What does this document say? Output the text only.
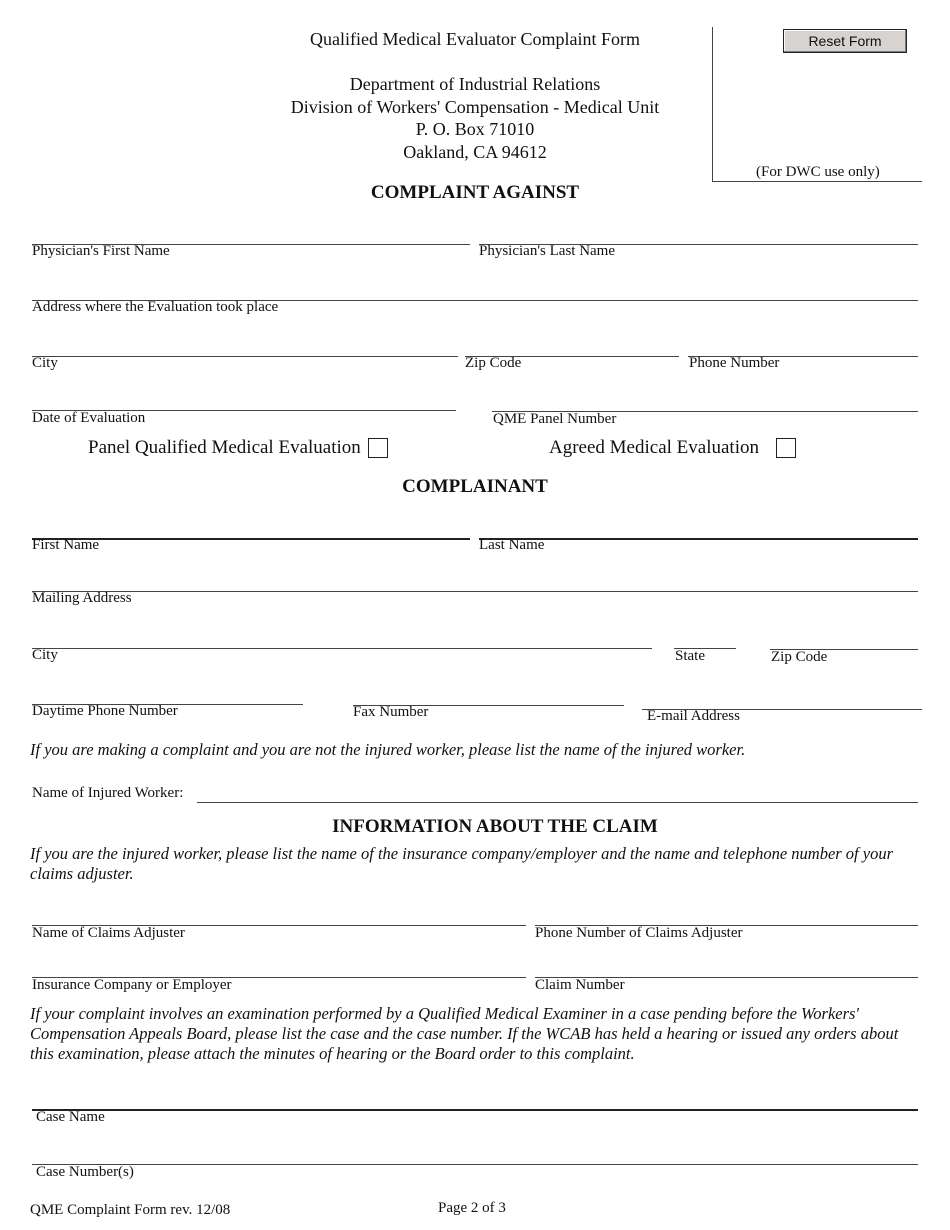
Qualified Medical Evaluator Complaint Form
Department of Industrial Relations
Division of Workers' Compensation - Medical Unit
P. O. Box 71010
Oakland, CA 94612
Reset Form
(For DWC use only)
COMPLAINT AGAINST
Physician's First Name	Physician's Last Name
Address where the Evaluation took place
City	Zip Code	Phone Number
Date of Evaluation	QME Panel Number
Panel Qualified Medical Evaluation	Agreed Medical Evaluation
COMPLAINANT
First Name	Last Name
Mailing Address
City	State	Zip Code
Daytime Phone Number	Fax Number	E-mail Address
If you are making a complaint and you are not the injured worker, please list the name of the injured worker.
Name of Injured Worker:
INFORMATION ABOUT THE CLAIM
If you are the injured worker, please list the name of the insurance company/employer and the name and telephone number of your claims adjuster.
Name of Claims Adjuster	Phone Number of Claims Adjuster
Insurance Company or Employer	Claim Number
If your complaint involves an examination performed by a Qualified Medical Examiner in a case pending before the Workers' Compensation Appeals Board, please list the case and the case number. If the WCAB has held a hearing or issued any orders about this examination, please attach the minutes of hearing or the Board order to this complaint.
Case Name
Case Number(s)
QME Complaint Form rev. 12/08	Page 2 of 3
